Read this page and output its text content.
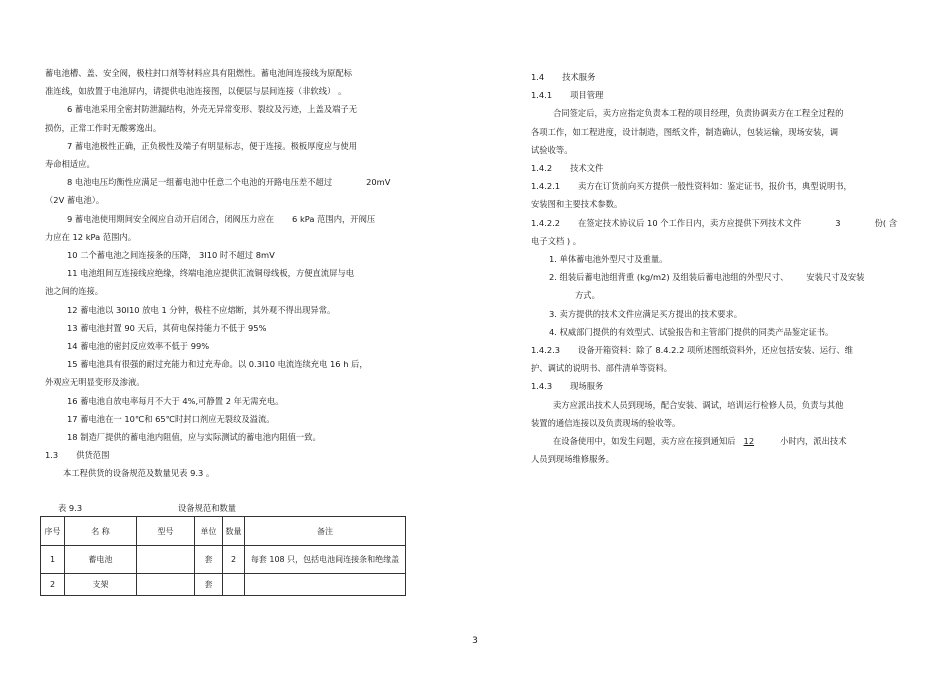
蓄电池槽、盖、安全阀，极柱封口剂等材料应具有阻燃性。蓄电池间连接线为原配标

准连线，如放置于电池屏内，请提供电池连接图，以便层与层间连接（非软线） 。

6 蓄电池采用全密封防泄漏结构，外壳无异常变形、裂纹及污迹，上盖及端子无

损伤，正常工作时无酸雾逸出。

7 蓄电池极性正确，正负极性及端子有明显标志，便于连接。极板厚度应与使用

寿命相适应。

8 电池电压均衡性应满足一组蓄电池中任意二个电池的开路电压差不超过	20mV

（2V 蓄电池）。

9 蓄电池使用期间安全阀应自动开启闭合，闭阀压力应在 6 kPa 范围内，开阀压

力应在 12 kPa 范围内。

10 二个蓄电池之间连接条的压降， 3I10 时不超过 8mV

11 电池组间互连接线应绝缘，终端电池应提供汇流铜母线板，方便直流屏与电

池之间的连接。

12 蓄电池以 30I10 放电 1 分钟，极柱不应熔断，其外观不得出现异常。

13 蓄电池封置 90 天后，其荷电保持能力不低于 95%

14 蓄电池的密封反应效率不低于 99%

15 蓄电池具有很强的耐过充能力和过充寿命。以 0.3I10 电流连续充电 16 h 后，

外观应无明显变形及渗液。

16 蓄电池自放电率每月不大于 4%,可静置 2 年无需充电。

17 蓄电池在一 10℃和 65℃时封口剂应无裂纹及溢流。

18 制造厂提供的蓄电池内阻值，应与实际测试的蓄电池内阻值一致。

1.3 供货范围

本工程供货的设备规范及数量见表 9.3 。

表 9.3	设备规范和数量
序号	名 称	型号	单位	数量	备注
1	蓄电池		套	2	每套 108 只，包括电池间连接条和绝缘盖
2	支架		套		

1.4 技术服务

1.4.1 项目管理

合同签定后，卖方应指定负责本工程的项目经理，负责协调卖方在工程全过程的

各项工作，如工程进度，设计制造，图纸文件，制造确认，包装运输，现场安装，调

试验收等。

1.4.2 技术文件

1.4.2.1 卖方在订货前向买方提供一般性资料如：鉴定证书，报价书，典型说明书，

安装图和主要技术参数。

1.4.2.2 在签定技术协议后 10 个工作日内，卖方应提供下列技术文件	3	份( 含

电子文档 ) 。

1. 单体蓄电池外型尺寸及重量。

2. 组装后蓄电池组背重 (kg/m2) 及组装后蓄电池组的外型尺寸、 安装尺寸及安装

方式。

3. 卖方提供的技术文件应满足买方提出的技术要求。

4. 权威部门提供的有效型式、试验报告和主管部门提供的同类产品鉴定证书。

1.4.2.3 设备开箱资料：除了 8.4.2.2 项所述图纸资料外，还应包括安装、运行、维

护、调试的说明书、部件清单等资料。

1.4.3 现场服务

卖方应派出技术人员到现场，配合安装、调试，培训运行检修人员，负责与其他

装置的通信连接以及负责现场的验收等。

在设备使用中，如发生问题，卖方应在接到通知后 12	小时内，派出技术

人员到现场维修服务。

3
